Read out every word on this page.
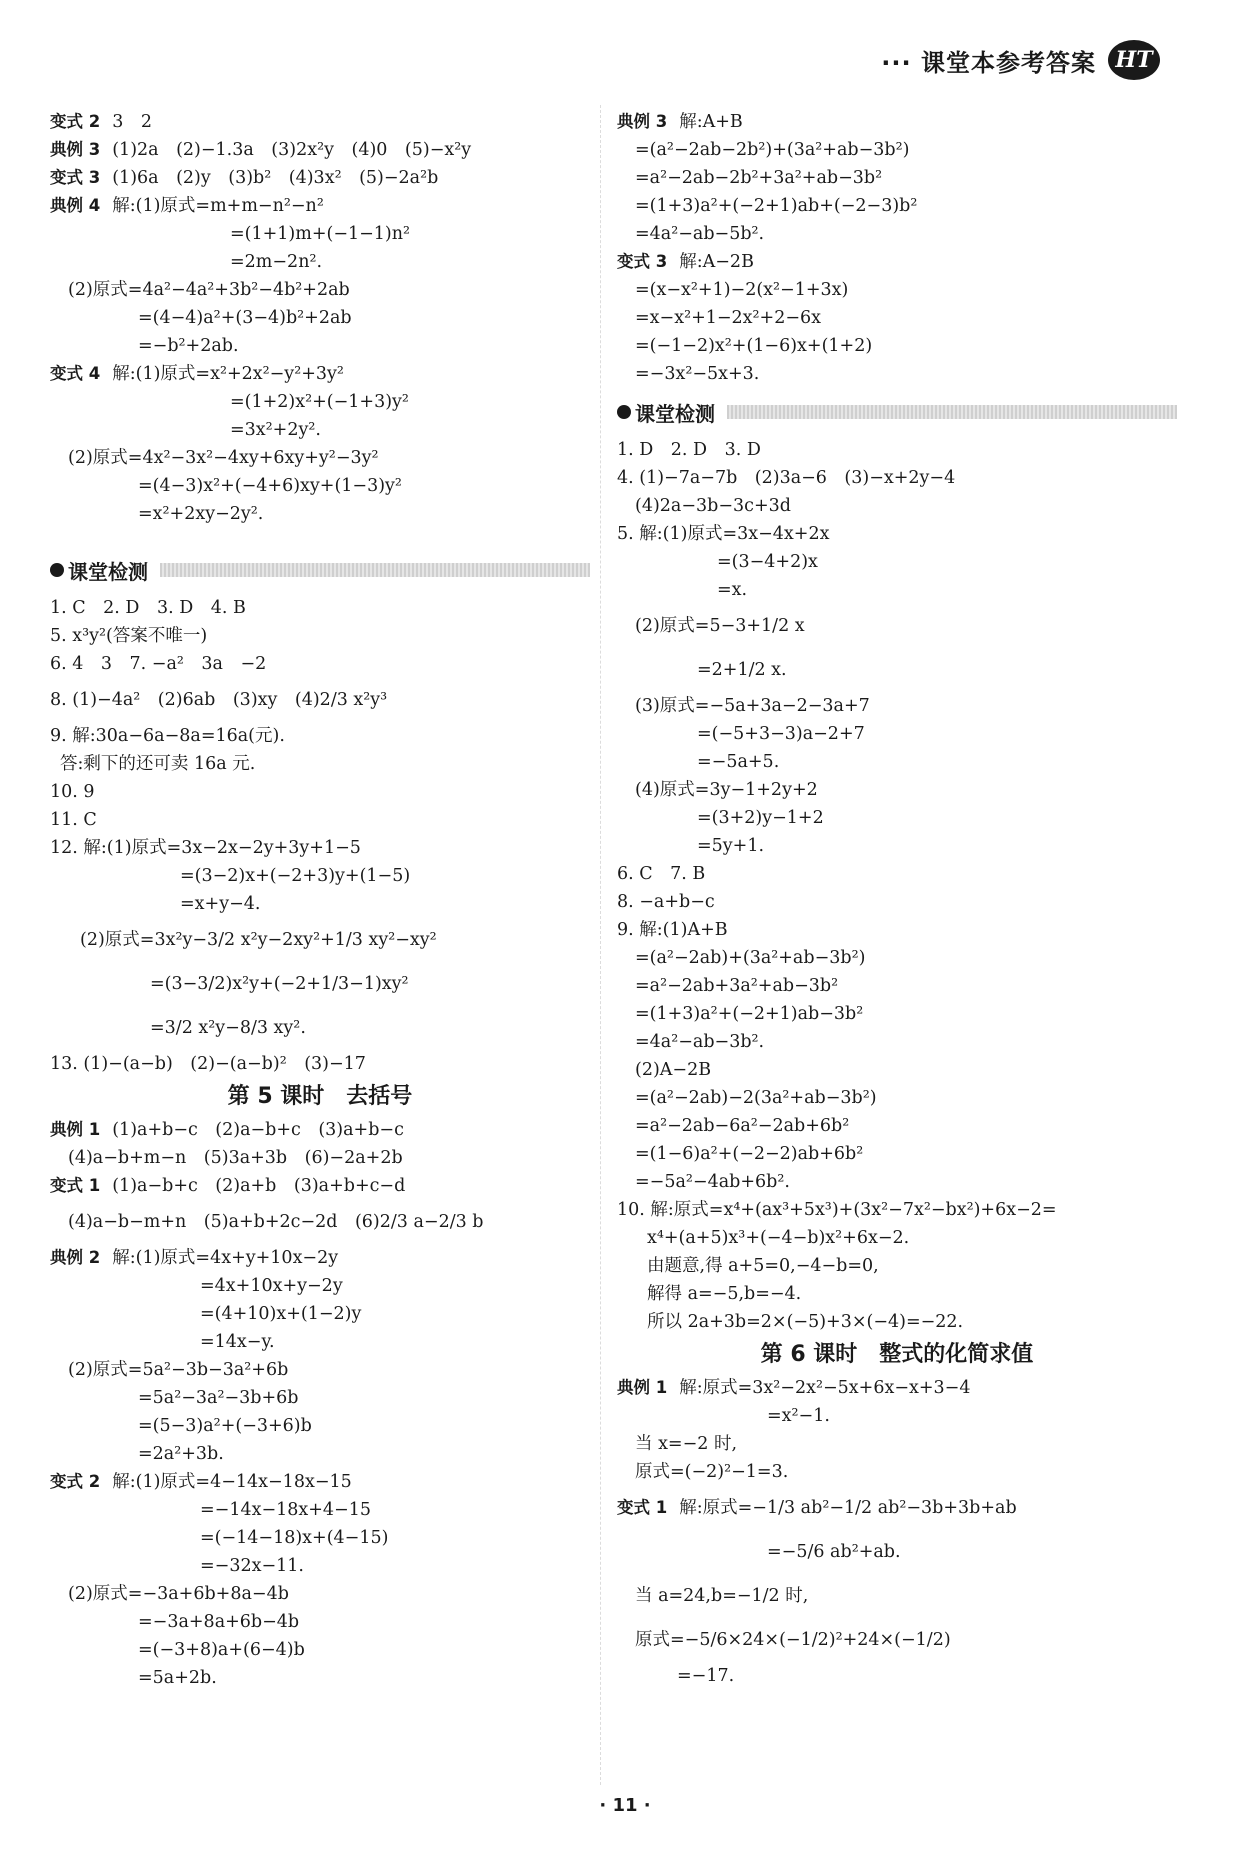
··· 课堂本参考答案 HT
变式 2 3　2
典例 3 (1)2a　(2)−1.3a　(3)2x²y　(4)0　(5)−x²y
变式 3 (1)6a　(2)y　(3)b²　(4)3x²　(5)−2a²b
典例 4 解:(1)原式=m+m−n²−n²
=(1+1)m+(−1−1)n²
=2m−2n².
(2)原式=4a²−4a²+3b²−4b²+2ab
=(4−4)a²+(3−4)b²+2ab
=−b²+2ab.
变式 4 解:(1)原式=x²+2x²−y²+3y²
=(1+2)x²+(−1+3)y²
=3x²+2y².
(2)原式=4x²−3x²−4xy+6xy+y²−3y²
=(4−3)x²+(−4+6)xy+(1−3)y²
=x²+2xy−2y².
课堂检测
1. C　2. D　3. D　4. B
5. x³y²(答案不唯一)
6. 4　3　7. −a²　3a　−2
8. (1)−4a²　(2)6ab　(3)xy　(4)2/3 x²y³
9. 解:30a−6a−8a=16a(元).
答:剩下的还可卖 16a 元.
10. 9
11. C
12. 解:(1)原式=3x−2x−2y+3y+1−5
=(3−2)x+(−2+3)y+(1−5)
=x+y−4.
(2)原式=3x²y−3/2 x²y−2xy²+1/3 xy²−xy²
=(3−3/2)x²y+(−2+1/3−1)xy²
=3/2 x²y−8/3 xy².
13. (1)−(a−b)　(2)−(a−b)²　(3)−17
第 5 课时　去括号
典例 1 (1)a+b−c　(2)a−b+c　(3)a+b−c
(4)a−b+m−n　(5)3a+3b　(6)−2a+2b
变式 1 (1)a−b+c　(2)a+b　(3)a+b+c−d
(4)a−b−m+n　(5)a+b+2c−2d　(6)2/3 a−2/3 b
典例 2 解:(1)原式=4x+y+10x−2y
=4x+10x+y−2y
=(4+10)x+(1−2)y
=14x−y.
(2)原式=5a²−3b−3a²+6b
=5a²−3a²−3b+6b
=(5−3)a²+(−3+6)b
=2a²+3b.
变式 2 解:(1)原式=4−14x−18x−15
=−14x−18x+4−15
=(−14−18)x+(4−15)
=−32x−11.
(2)原式=−3a+6b+8a−4b
=−3a+8a+6b−4b
=(−3+8)a+(6−4)b
=5a+2b.
典例 3 解:A+B
=(a²−2ab−2b²)+(3a²+ab−3b²)
=a²−2ab−2b²+3a²+ab−3b²
=(1+3)a²+(−2+1)ab+(−2−3)b²
=4a²−ab−5b².
变式 3 解:A−2B
=(x−x²+1)−2(x²−1+3x)
=x−x²+1−2x²+2−6x
=(−1−2)x²+(1−6)x+(1+2)
=−3x²−5x+3.
课堂检测
1. D　2. D　3. D
4. (1)−7a−7b　(2)3a−6　(3)−x+2y−4
(4)2a−3b−3c+3d
5. 解:(1)原式=3x−4x+2x
=(3−4+2)x
=x.
(2)原式=5−3+1/2 x
=2+1/2 x.
(3)原式=−5a+3a−2−3a+7
=(−5+3−3)a−2+7
=−5a+5.
(4)原式=3y−1+2y+2
=(3+2)y−1+2
=5y+1.
6. C　7. B
8. −a+b−c
9. 解:(1)A+B
=(a²−2ab)+(3a²+ab−3b²)
=a²−2ab+3a²+ab−3b²
=(1+3)a²+(−2+1)ab−3b²
=4a²−ab−3b².
(2)A−2B
=(a²−2ab)−2(3a²+ab−3b²)
=a²−2ab−6a²−2ab+6b²
=(1−6)a²+(−2−2)ab+6b²
=−5a²−4ab+6b².
10. 解:原式=x⁴+(ax³+5x³)+(3x²−7x²−bx²)+6x−2=
x⁴+(a+5)x³+(−4−b)x²+6x−2.
由题意,得 a+5=0,−4−b=0,
解得 a=−5,b=−4.
所以 2a+3b=2×(−5)+3×(−4)=−22.
第 6 课时　整式的化简求值
典例 1 解:原式=3x²−2x²−5x+6x−x+3−4
=x²−1.
当 x=−2 时,
原式=(−2)²−1=3.
变式 1 解:原式=−1/3 ab²−1/2 ab²−3b+3b+ab
=−5/6 ab²+ab.
当 a=24,b=−1/2 时,
原式=−5/6×24×(−1/2)²+24×(−1/2)
=−17.
· 11 ·
